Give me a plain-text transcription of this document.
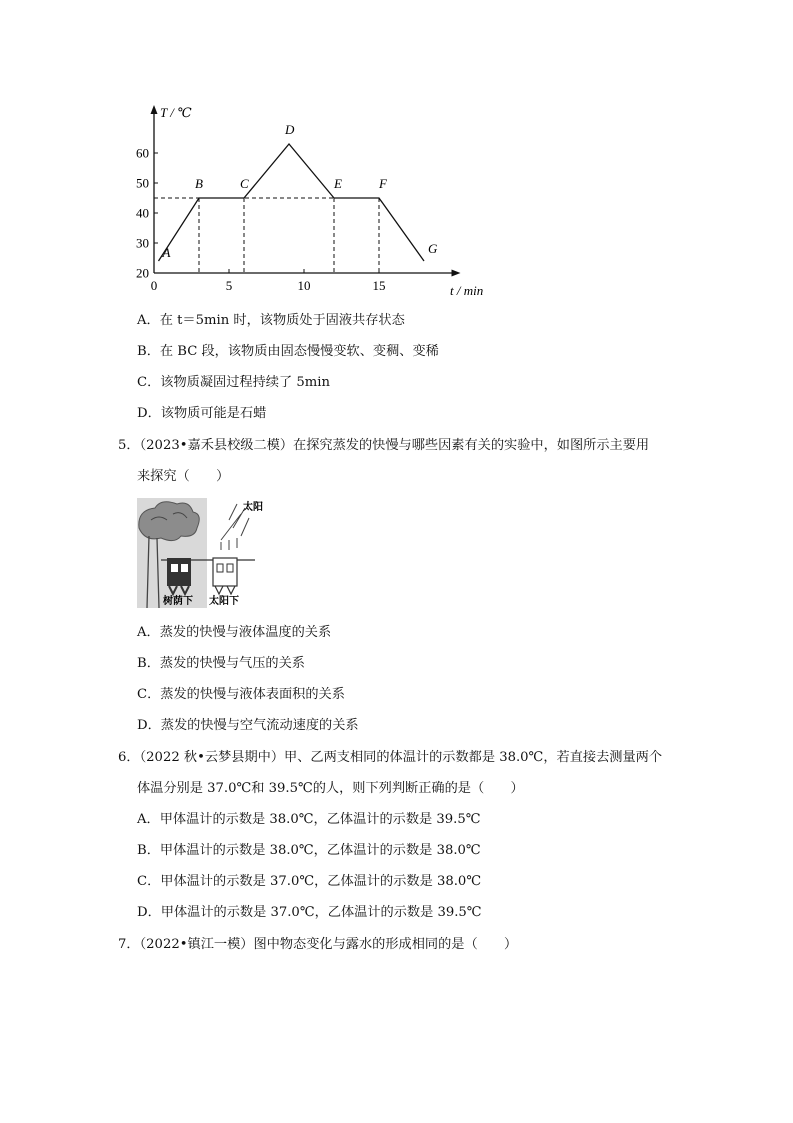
60
50
40
30
20
0	5	10	15
A
B	C
D
E	F
G
T / ℃
t / min
A．在 t＝5min 时，该物质处于固液共存状态
B．在 BC 段，该物质由固态慢慢变软、变稠、变稀
C．该物质凝固过程持续了 5min
D．该物质可能是石蜡
5．（2023•嘉禾县校级二模）在探究蒸发的快慢与哪些因素有关的实验中，如图所示主要用
来探究（　　）
太阳
树荫下 太阳下
A．蒸发的快慢与液体温度的关系
B．蒸发的快慢与气压的关系
C．蒸发的快慢与液体表面积的关系
D．蒸发的快慢与空气流动速度的关系
6．（2022 秋•云梦县期中）甲、乙两支相同的体温计的示数都是 38.0℃，若直接去测量两个
体温分别是 37.0℃和 39.5℃的人，则下列判断正确的是（　　）
A．甲体温计的示数是 38.0℃，乙体温计的示数是 39.5℃
B．甲体温计的示数是 38.0℃，乙体温计的示数是 38.0℃
C．甲体温计的示数是 37.0℃，乙体温计的示数是 38.0℃
D．甲体温计的示数是 37.0℃，乙体温计的示数是 39.5℃
7．（2022•镇江一模）图中物态变化与露水的形成相同的是（　　）
